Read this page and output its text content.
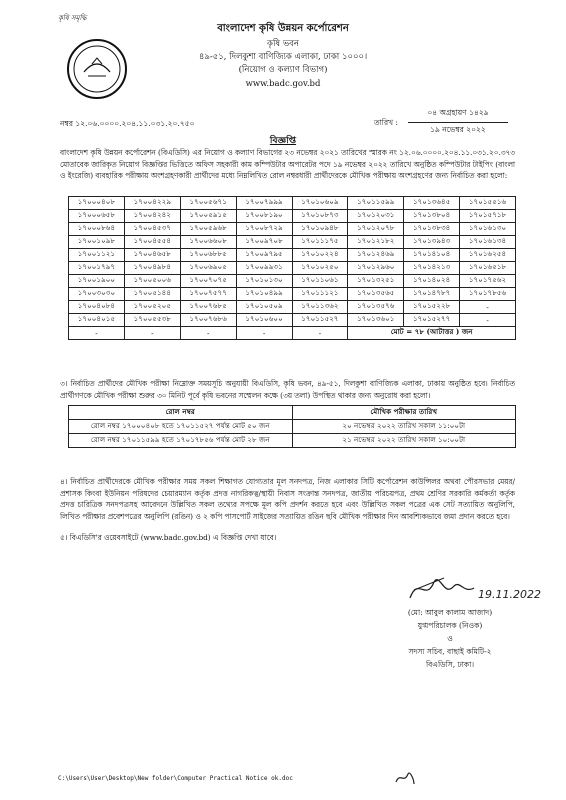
কৃষি সমৃদ্ধি
বাংলাদেশ কৃষি উন্নয়ন কর্পোরেশন
কৃষি ভবন
৪৯-৫১, দিলকুশা বাণিজ্যিক এলাকা, ঢাকা ১০০০।
(নিয়োগ ও কল্যাণ বিভাগ)
www.badc.gov.bd
নম্বর ১২.০৬.০০০০.২০৪.১১.০৩১.২০.৭৫০	তারিখ :
০৪ অগ্রহায়ণ ১৪২৯
১৯ নভেম্বর ২০২২
বিজ্ঞপ্তি
বাংলাদেশ কৃষি উন্নয়ন কর্পোরেশন (বিএডিসি) এর নিয়োগ ও কল্যাণ বিভাগের ২৩ নভেম্বর ২০২১ তারিখের স্মারক নং ১২.০৬.০০০০.২০৪.১১.০৩১.২০.৩৭৩ মোতাবেক জারিকৃত নিয়োগ বিজ্ঞপ্তির ভিত্তিতে অফিস সহকারী কাম কম্পিউটার অপারেটর পদে ১৯ নভেম্বর ২০২২ তারিখে অনুষ্ঠিত কম্পিউটার টাইপিং (বাংলা ও ইংরেজি) ব্যবহারিক পরীক্ষায় অংশগ্রহণকারী প্রার্থীদের মধ্যে নিম্নলিখিত রোল নম্বরধারী প্রার্থীদেরকে মৌখিক পরীক্ষায় অংশগ্রহণের জন্য নির্বাচিত করা হলো:
১৭০০০৪০৮	১৭০০৪২২৯	১৭০০৫৬৭১	১৭০০৭৯৯৯	১৭০১০৬০৯	১৭০১১৫৯৯	১৭০১৩৬৪৫	১৭০১৫৫১৬
১৭০০০৬৫৮	১৭০০৪২৪২	১৭০০৫৯১৫	১৭০০৮১৯০	১৭০১০৮৭৩	১৭০১২০৩১	১৭০১৩৮০৪	১৭০১৫৭১৮
১৭০০০৮৬৪	১৭০০৪৫৩৭	১৭০০৫৯৬৮	১৭০০৮৭২৯	১৭০১০৯৪৮	১৭০১২০৭৮	১৭০১৩৮৩৪	১৭০১৬১৩০
১৭০০১০৯৮	১৭০০৪৫৫৪	১৭০০৬৬০৮	১৭০০৯৭০৮	১৭০১১১৭৫	১৭০১২১৮২	১৭০১৩৯৪৩	১৭০১৬১৩৪
১৭০০১১২১	১৭০০৪৬৫৮	১৭০০৬৮৮৫	১৭০০৯৭৯৫	১৭০১০২২৪	১৭০১২৪৬৯	১৭০১৪১০৪	১৭০১৬২৫৪
১৭০০১৭৯৭	১৭০০৪৯৮৪	১৭০০৬৯০৫	১৭০০৯৯৩১	১৭০১০২৫০	১৭০১২৯৬০	১৭০১৪২১৩	১৭০১৬৫১৮
১৭০০১৯০০	১৭০০৫০০৬	১৭০০৭০৭৫	১৭০১০১৩০	১৭০১১০৬১	১৭০১৩২৫১	১৭০১৪০২৪	১৭০১৭৫৬২
১৭০০৩০৩০	১৭০০৫১৪৪	১৭০০৭৫৭৭	১৭০১০৪৯৯	১৭০১১১২১	১৭০১৩৫৬৫	১৭০১৪৭৮৭	১৭০১৭৮৫৬
১৭০০৪০৮৪	১৭০০৫২০৫	১৭০০৭৬৮৫	১৭০১০৫০৯	১৭০১১৩৬২	১৭০১৩৫৭৬	১৭০১৫২২৮	-
১৭০০৪০১৫	১৭০০৫৫৩৮	১৭০০৭৬৮৬	১৭০১০৬০০	১৭০১১৫২৭	১৭০১৩৬০১	১৭০১৫২৭৭	-
-	-	-	-	-	মোট = ৭৮ (আটাত্তর ) জন		
৩। নির্বাচিত প্রার্থীদের মৌখিক পরীক্ষা নিম্নোক্ত সময়সূচি অনুযায়ী বিএডিসি, কৃষি ভবন, ৪৯-৫১, দিলকুশা বাণিজ্যিক এলাকা, ঢাকায় অনুষ্ঠিত হবে। নির্বাচিত প্রার্থীগণকে মৌখিক পরীক্ষা শুরুর ৩০ মিনিট পূর্বে কৃষি ভবনের সম্মেলন কক্ষে (৩য় তলা) উপস্থিত থাকার জন্য অনুরোধ করা হলো।
রোল নম্বর	মৌখিক পরীক্ষার তারিখ
রোল নম্বর ১৭০০০৪০৮ হতে ১৭০১১৫২৭ পর্যন্ত মোট ৫০ জন	২০ নভেম্বর ২০২২ তারিখ সকাল ১১:০০টা
রোল নম্বর ১৭০১১৫৯৯ হতে ১৭০১৭৮৫৬ পর্যন্ত মোট ২৮ জন	২১ নভেম্বর ২০২২ তারিখ সকাল ১০:০০টা
৪। নির্বাচিত প্রার্থীদেরকে মৌখিক পরীক্ষার সময় সকল শিক্ষাগত যোগ্যতার মূল সনদপত্র, নিজ এলাকার সিটি কর্পোরেশন কাউন্সিলর অথবা পৌরসভার মেয়র/প্রশাসক কিংবা ইউনিয়ন পরিষদের চেয়ারম্যান কর্তৃক প্রদত্ত নাগরিকত্ব/স্থায়ী নিবাস সংক্রান্ত সনদপত্র, জাতীয় পরিচয়পত্র, প্রথম শ্রেণির সরকারি কর্মকর্তা কর্তৃক প্রদত্ত চারিত্রিক সনদপত্রসহ আবেদনে উল্লিখিত সকল তথ্যের সপক্ষে মূল কপি প্রদর্শন করতে হবে এবং উল্লিখিত সকল পত্রের এক সেট সত্যায়িত অনুলিপি, লিখিত পরীক্ষার প্রবেশপত্রের অনুলিপি (রঙিন) ও ২ কপি পাসপোর্ট সাইজের সত্যায়িত রঙিন ছবি মৌখিক পরীক্ষার দিন আবশ্যিকভাবে জমা প্রদান করতে হবে।
৫। বিএডিসি'র ওয়েবসাইটে (www.badc.gov.bd) এ বিজ্ঞপ্তি দেখা যাবে।
19.11.2022
(মো: আবুল কালাম আজাদ)
যুগ্মপরিচালক (নিওক)
ও
সদস্য সচিব, বাছাই কমিটি-২
বিএডিসি, ঢাকা।
C:\Users\User\Desktop\New folder\Computer Practical Notice ok.doc
